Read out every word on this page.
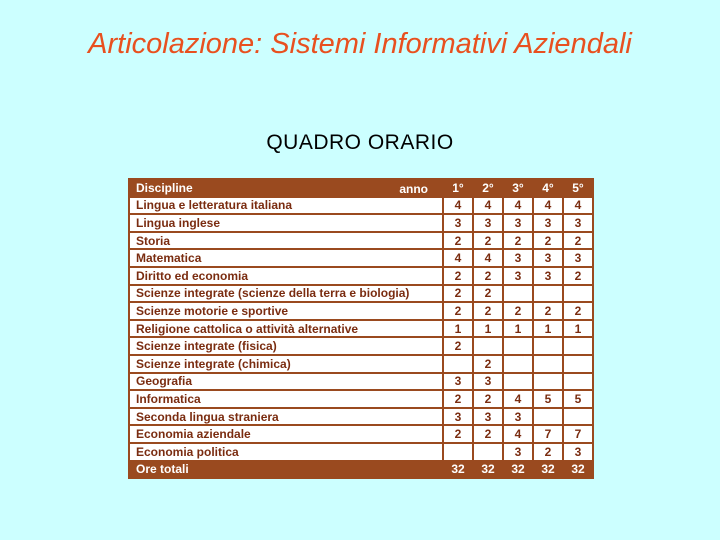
Articolazione: Sistemi Informativi Aziendali
QUADRO ORARIO
Discipline anno	1°	2°	3°	4°	5°
Lingua e letteratura italiana	4	4	4	4	4
Lingua inglese	3	3	3	3	3
Storia	2	2	2	2	2
Matematica	4	4	3	3	3
Diritto ed economia	2	2	3	3	2
Scienze integrate (scienze della terra e biologia)	2	2			
Scienze motorie e sportive	2	2	2	2	2
Religione cattolica o attività alternative	1	1	1	1	1
Scienze integrate (fisica)	2				
Scienze integrate (chimica)		2			
Geografia	3	3			
Informatica	2	2	4	5	5
Seconda lingua straniera	3	3	3		
Economia aziendale	2	2	4	7	7
Economia politica			3	2	3
Ore totali	32	32	32	32	32
